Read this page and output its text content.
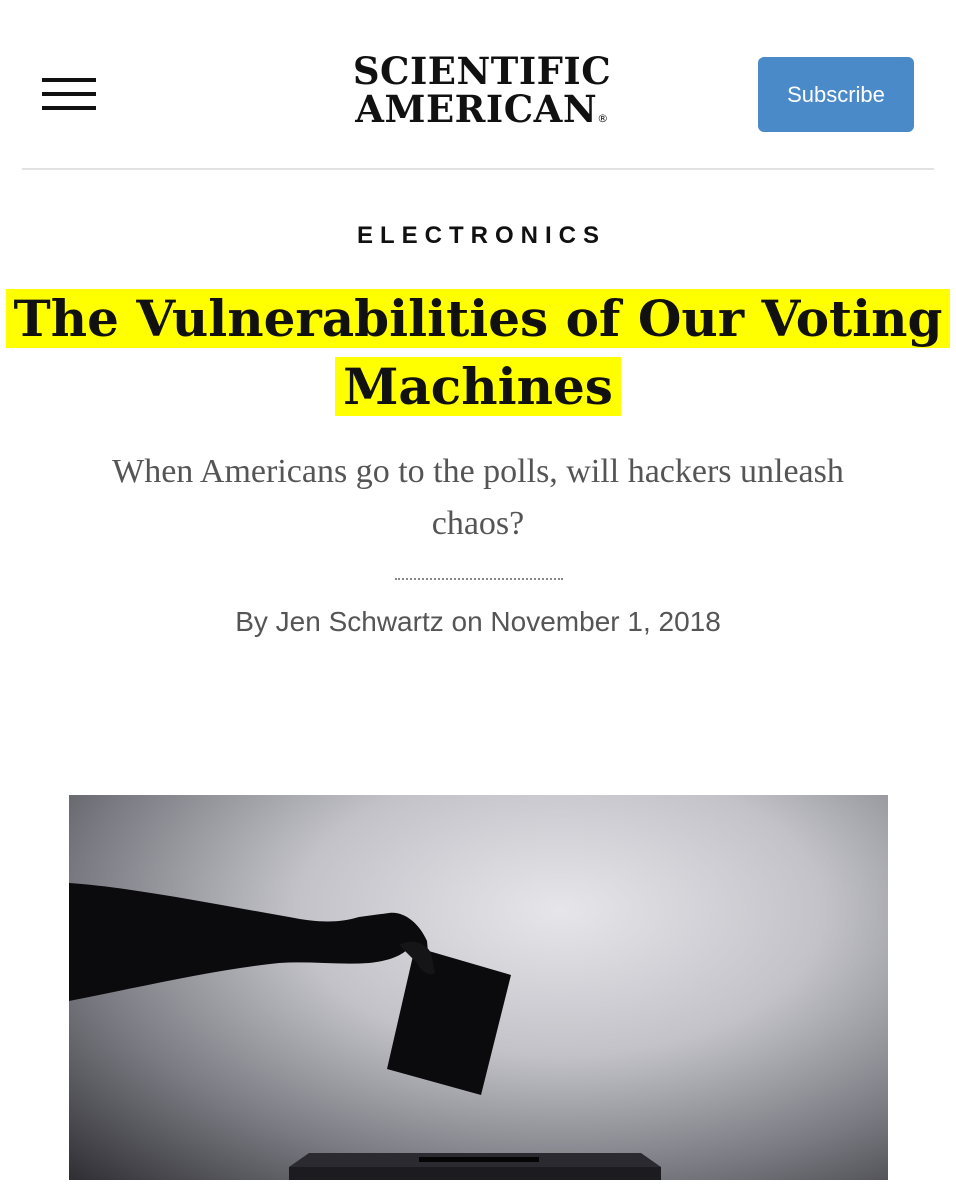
SCIENTIFIC
AMERICAN®
Subscribe
ELECTRONICS
The Vulnerabilities of Our Voting Machines

When Americans go to the polls, will hackers unleash chaos?

By Jen Schwartz on November 1, 2018
